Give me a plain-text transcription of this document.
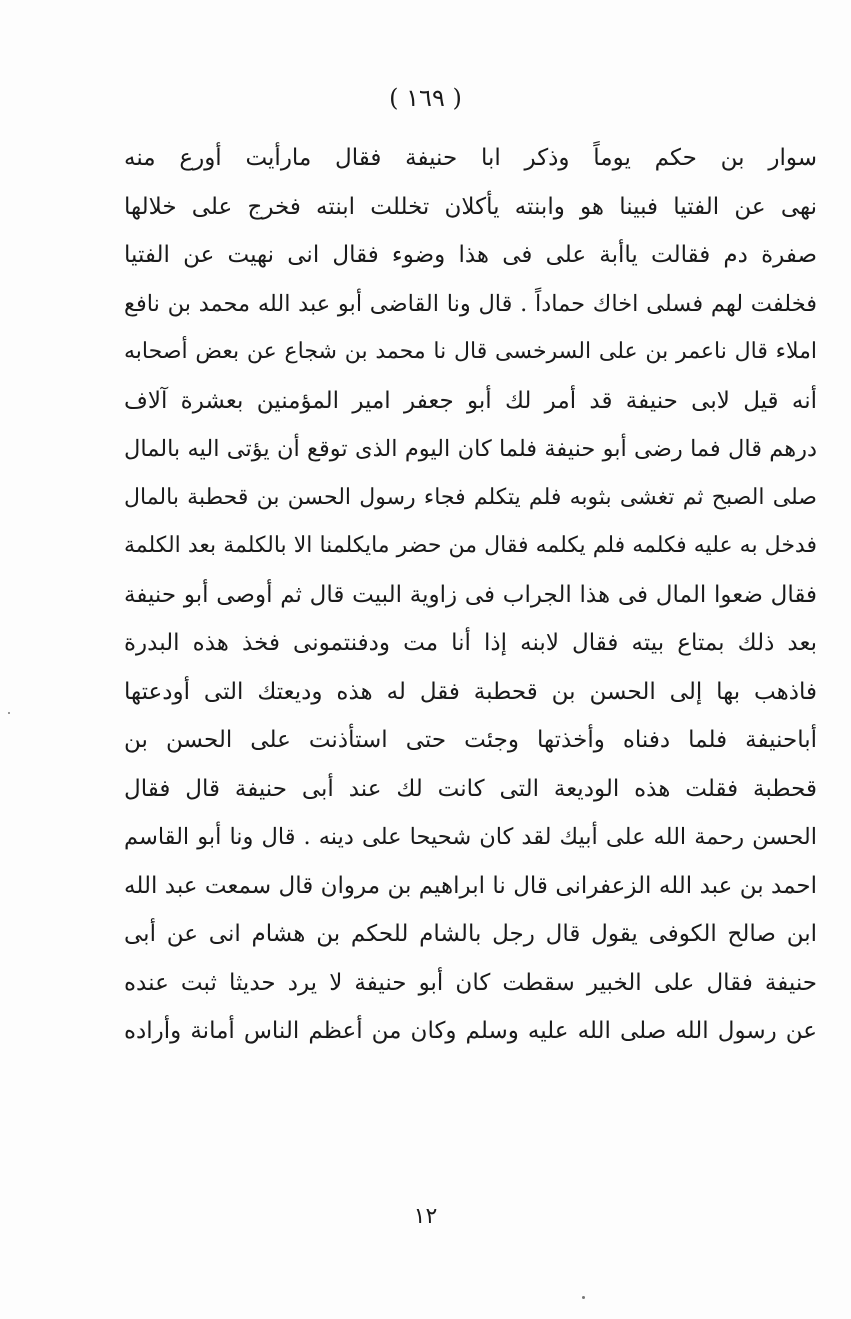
( ١٦٩ )
سوار بن حكم يوماً وذكر ابا حنيفة فقال مارأيت أورع منه
نهى عن الفتيا فبينا هو وابنته يأكلان تخللت ابنته فخرج على خلالها
صفرة دم فقالت ياأبة على فى هذا وضوء فقال انى نهيت عن الفتيا
فخلفت لهم فسلى اخاك حماداً . قال ونا القاضى أبو عبد الله محمد بن نافع
املاء قال ناعمر بن على السرخسى قال نا محمد بن شجاع عن بعض أصحابه
أنه قيل لابى حنيفة قد أمر لك أبو جعفر امير المؤمنين بعشرة آلاف
درهم قال فما رضى أبو حنيفة فلما كان اليوم الذى توقع أن يؤتى اليه بالمال
صلى الصبح ثم تغشى بثوبه فلم يتكلم فجاء رسول الحسن بن قحطبة بالمال
فدخل به عليه فكلمه فلم يكلمه فقال من حضر مايكلمنا الا بالكلمة بعد الكلمة
فقال ضعوا المال فى هذا الجراب فى زاوية البيت قال ثم أوصى أبو حنيفة
بعد ذلك بمتاع بيته فقال لابنه إذا أنا مت ودفنتمونى فخذ هذه البدرة
فاذهب بها إلى الحسن بن قحطبة فقل له هذه وديعتك التى أودعتها
أباحنيفة فلما دفناه وأخذتها وجئت حتى استأذنت على الحسن بن
قحطبة فقلت هذه الوديعة التى كانت لك عند أبى حنيفة قال فقال
الحسن رحمة الله على أبيك لقد كان شحيحا على دينه . قال ونا أبو القاسم
احمد بن عبد الله الزعفرانى قال نا ابراهيم بن مروان قال سمعت عبد الله
ابن صالح الكوفى يقول قال رجل بالشام للحكم بن هشام انى عن أبى
حنيفة فقال على الخبير سقطت كان أبو حنيفة لا يرد حديثا ثبت عنده
عن رسول الله صلى الله عليه وسلم وكان من أعظم الناس أمانة وأراده
١٢
